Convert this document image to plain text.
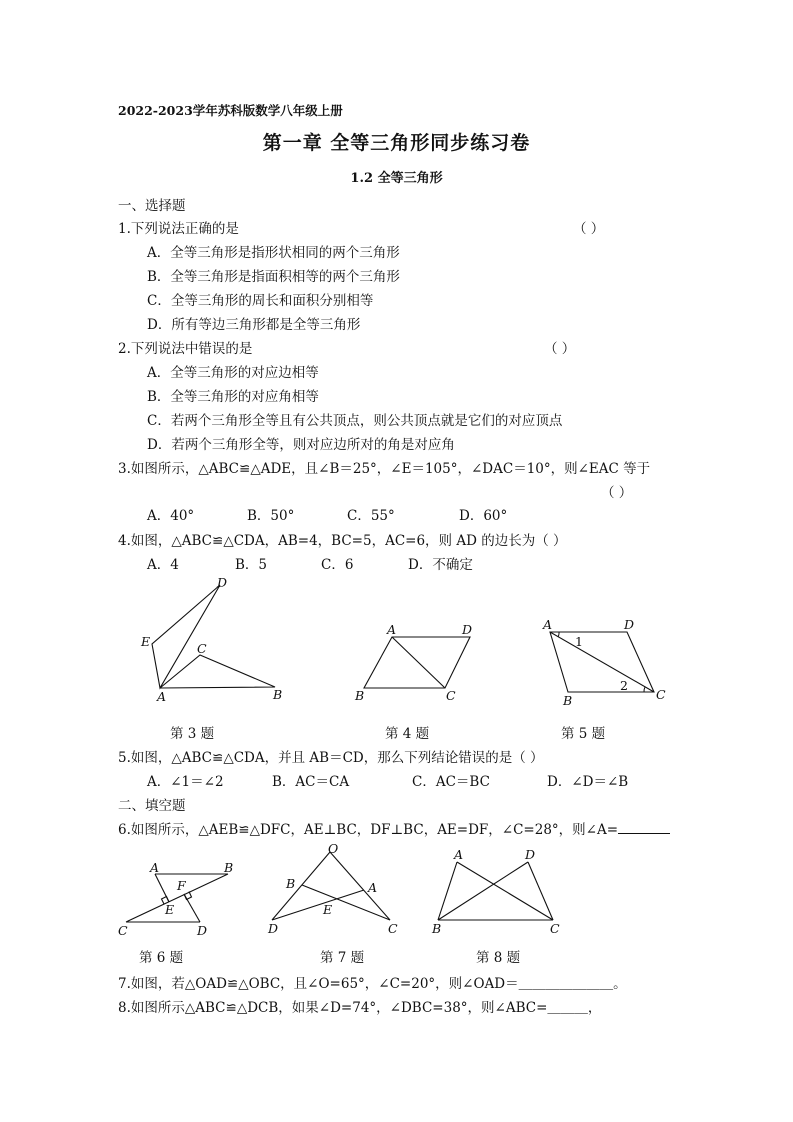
2022-2023学年苏科版数学八年级上册
第一章 全等三角形同步练习卷
1.2 全等三角形
一、选择题
1.下列说法正确的是	（ ）
A．全等三角形是指形状相同的两个三角形
B．全等三角形是指面积相等的两个三角形
C．全等三角形的周长和面积分别相等
D．所有等边三角形都是全等三角形
2.下列说法中错误的是	（ ）
A．全等三角形的对应边相等
B．全等三角形的对应角相等
C．若两个三角形全等且有公共顶点，则公共顶点就是它们的对应顶点
D．若两个三角形全等，则对应边所对的角是对应角
3.如图所示，△ABC≌△ADE，且∠B＝25°，∠E＝105°，∠DAC＝10°，则∠EAC 等于
（ ）
A．40°	B．50°	C．55°	D．60°
4.如图，△ABC≌△CDA，AB=4，BC=5，AC=6，则 AD 的边长为（ ）
A．4	B．5	C．6	D．不确定
D
E	C
A	B
A	D
B	C
A	D
1
2
B	C
第 3 题	第 4 题	第 5 题
5.如图，△ABC≌△CDA，并且 AB＝CD，那么下列结论错误的是（ ）
A．∠1＝∠2	B．AC＝CA	C．AC＝BC	D．∠D＝∠B
二、填空题
6.如图所示，△AEB≌△DFC，AE⊥BC，DF⊥BC，AE=DF，∠C=28°，则∠A=
A	B
F
E
C	D
O
B	A
E
D	C
A	D
B	C
第 6 题	第 7 题	第 8 题
7.如图，若△OAD≌△OBC，且∠O=65°，∠C=20°，则∠OAD＝＿＿＿＿＿＿＿。
8.如图所示△ABC≌△DCB，如果∠D=74°，∠DBC=38°，则∠ABC=＿＿＿，
